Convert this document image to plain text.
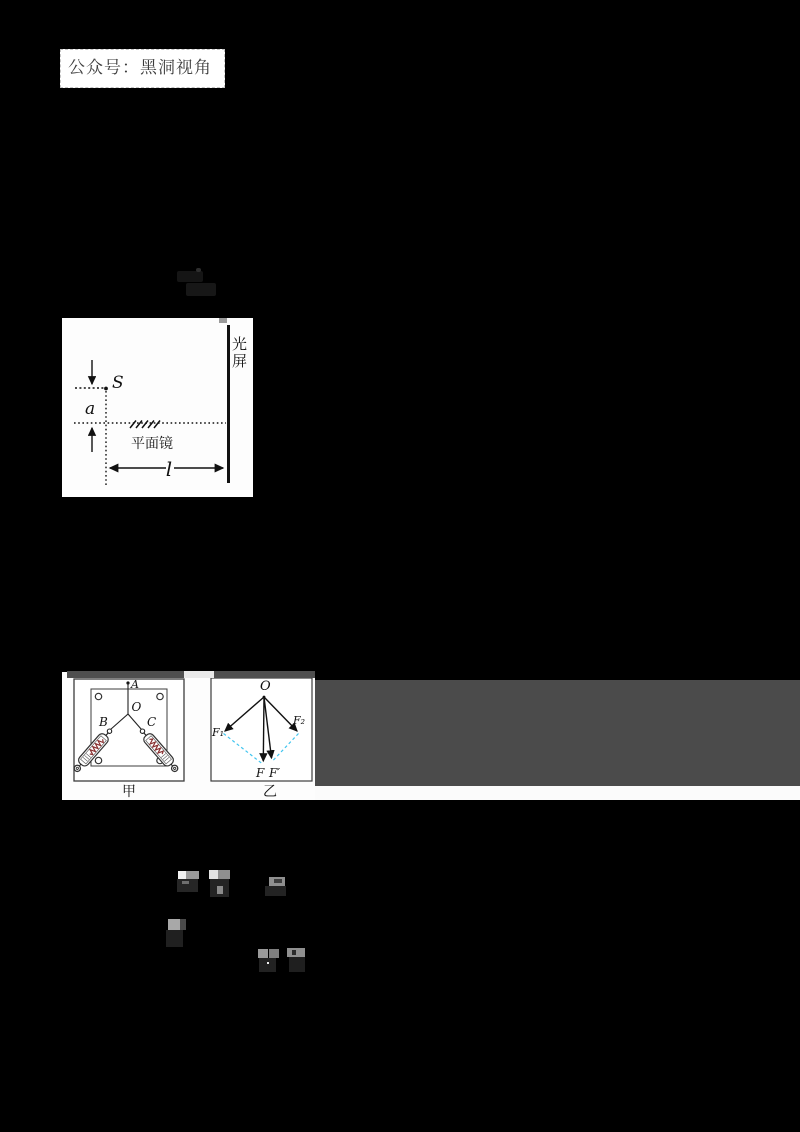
公众号：黑洞视角
光
屏
S
a
平面镜
l
A
O
B	C
甲
O
F₁
F₂
F F′
乙
